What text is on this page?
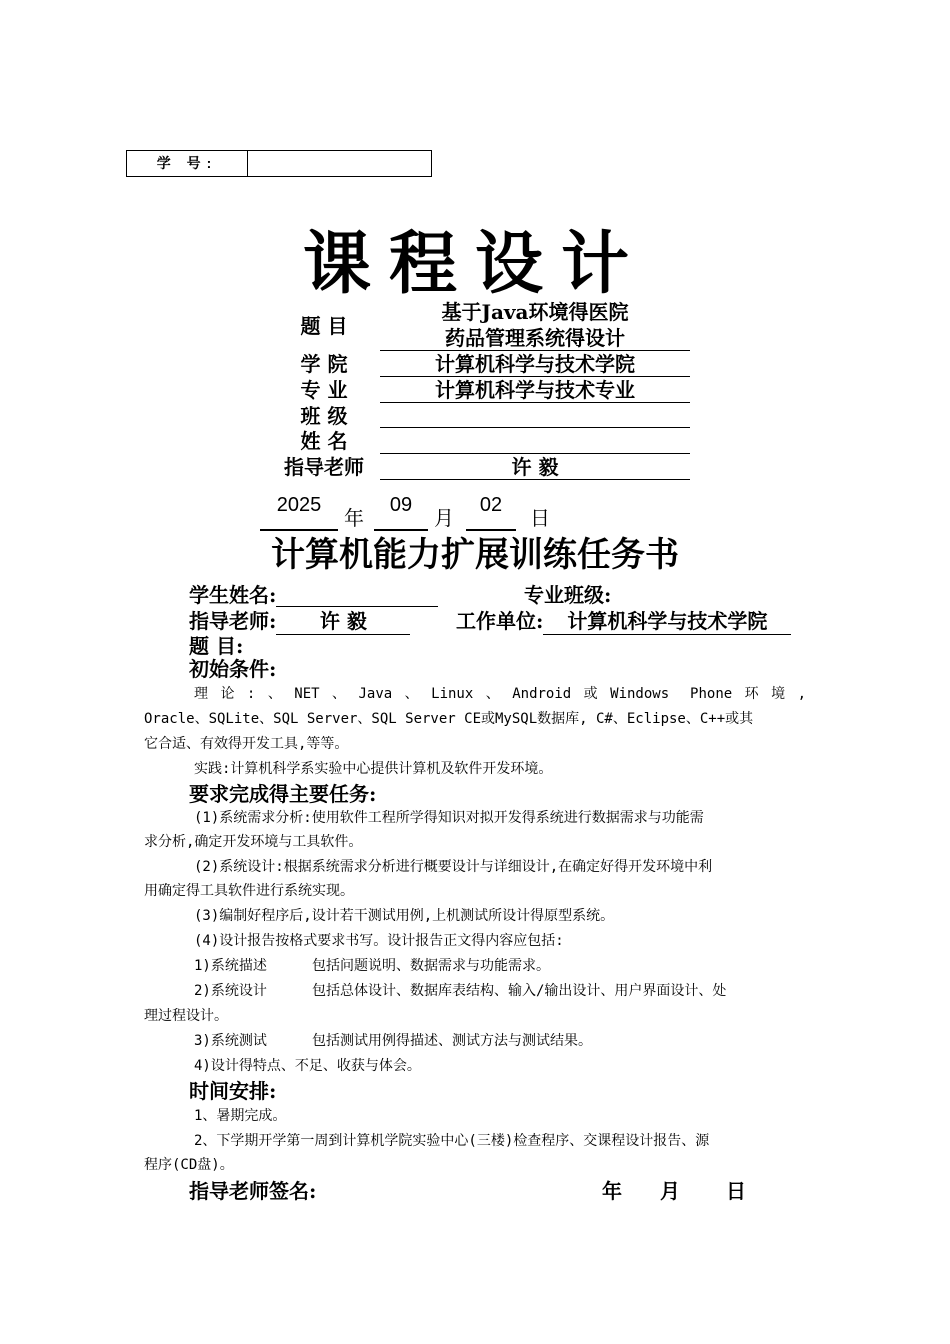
学 号:
课程设计
题 目
基于Java环境得医院
药品管理系统得设计
学 院	计算机科学与技术学院
专 业	计算机科学与技术专业
班 级
姓 名
指导老师	许 毅
2025
年
09
月
02
日
计算机能力扩展训练任务书
学生姓名:	专业班级:
指导老师: 许 毅	工作单位: 计算机科学与技术学院
题 目:
初始条件:
理论:、NET、Java、Linux、Android或Windows Phone环境,
Oracle、SQLite、SQL Server、SQL Server CE或MySQL数据库, C#、Eclipse、C++或其
它合适、有效得开发工具,等等。
实践:计算机科学系实验中心提供计算机及软件开发环境。
要求完成得主要任务:
(1)系统需求分析:使用软件工程所学得知识对拟开发得系统进行数据需求与功能需
求分析,确定开发环境与工具软件。
(2)系统设计:根据系统需求分析进行概要设计与详细设计,在确定好得开发环境中利
用确定得工具软件进行系统实现。
(3)编制好程序后,设计若干测试用例,上机测试所设计得原型系统。
(4)设计报告按格式要求书写。设计报告正文得内容应包括:
1)系统描述	包括问题说明、数据需求与功能需求。
2)系统设计	包括总体设计、数据库表结构、输入/输出设计、用户界面设计、处
理过程设计。
3)系统测试	包括测试用例得描述、测试方法与测试结果。
4)设计得特点、不足、收获与体会。
时间安排:
1、暑期完成。
2、下学期开学第一周到计算机学院实验中心(三楼)检查程序、交课程设计报告、源
程序(CD盘)。
指导老师签名:	年 月 日
